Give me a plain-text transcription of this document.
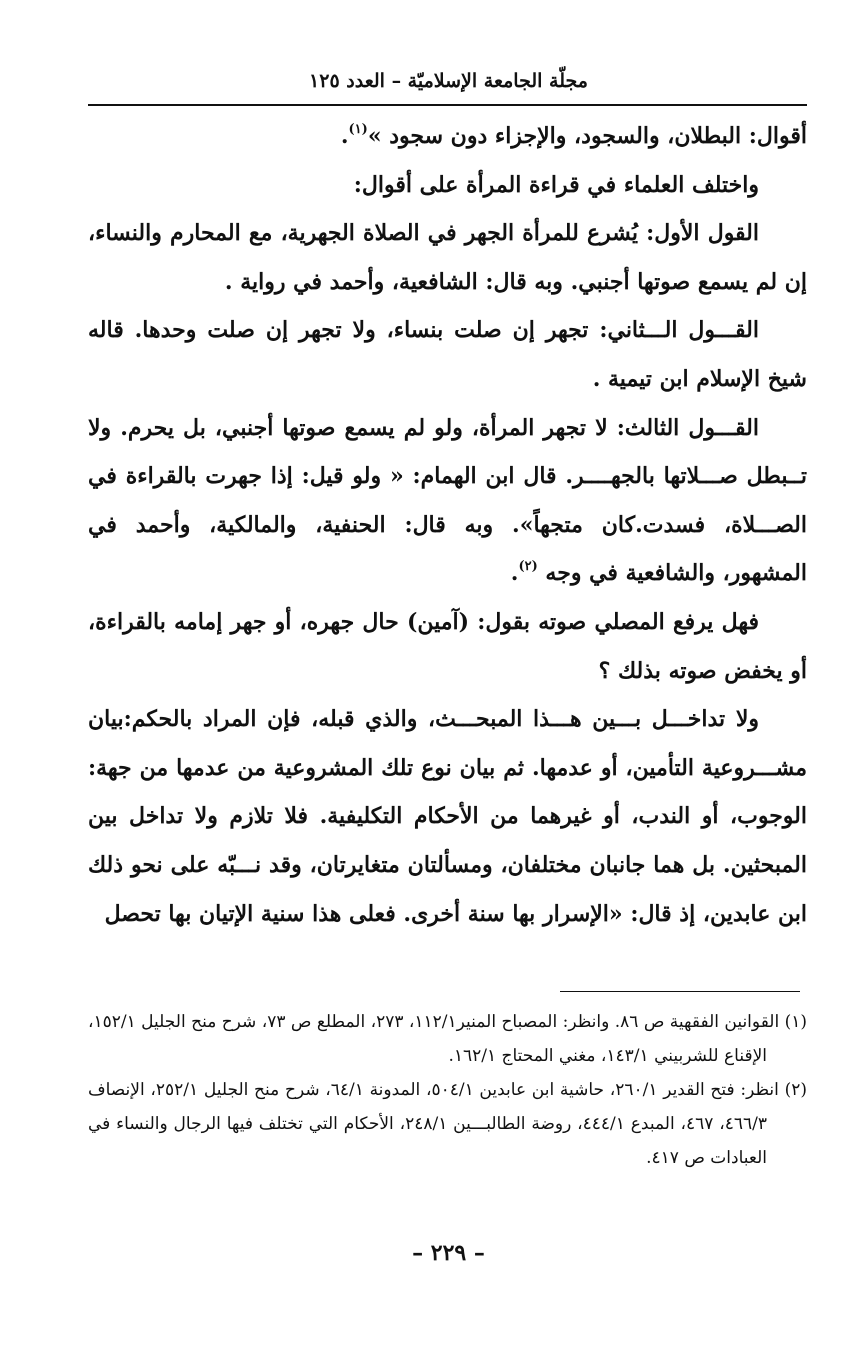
مجلّة الجامعة الإسلاميّة – العدد ١٢٥

أقوال: البطلان، والسجود، والإجزاء دون سجود »$^{(١)}$.

واختلف العلماء في قراءة المرأة على أقوال:

القول الأول: يُشرع للمرأة الجهر في الصلاة الجهرية، مع المحارم والنساء، إن لم يسمع صوتها أجنبي. وبه قال: الشافعية، وأحمد في رواية .

القـــول الـــثاني: تجهر إن صلت بنساء، ولا تجهر إن صلت وحدها. قاله شيخ الإسلام ابن تيمية .

القـــول الثالث: لا تجهر المرأة، ولو لم يسمع صوتها أجنبي، بل يحرم. ولا تــبطل صـــلاتها بالجهــــر. قال ابن الهمام: « ولو قيل: إذا جهرت بالقراءة في الصـــلاة، فسدت.كان متجهاً». وبه قال: الحنفية، والمالكية، وأحمد في المشهور، والشافعية في وجه $^{(٢)}$.

فهل يرفع المصلي صوته بقول: (آمين) حال جهره، أو جهر إمامه بالقراءة، أو يخفض صوته بذلك ؟

ولا تداخـــل بـــين هـــذا المبحـــث، والذي قبله، فإن المراد بالحكم:بيان مشـــروعية التأمين، أو عدمها. ثم بيان نوع تلك المشروعية من عدمها من جهة: الوجوب، أو الندب، أو غيرهما من الأحكام التكليفية. فلا تلازم ولا تداخل بين المبحثين. بل هما جانبان مختلفان، ومسألتان متغايرتان، وقد نـــبّه على نحو ذلك ابن عابدين، إذ قال: «الإسرار بها سنة أخرى. فعلى هذا سنية الإتيان بها تحصل

(١) القوانين الفقهية ص ٨٦. وانظر: المصباح المنير١١٢/١، ٢٧٣، المطلع ص ٧٣، شرح منح الجليل ١٥٢/١، الإقناع للشربيني ١٤٣/١، مغني المحتاج ١٦٢/١.

(٢) انظر: فتح القدير ٢٦٠/١، حاشية ابن عابدين ٥٠٤/١، المدونة ٦٤/١، شرح منح الجليل ٢٥٢/١، الإنصاف ٤٦٦/٣، ٤٦٧، المبدع ٤٤٤/١، روضة الطالبـــين ٢٤٨/١، الأحكام التي تختلف فيها الرجال والنساء في العبادات ص ٤١٧.

– ٢٢٩ –
